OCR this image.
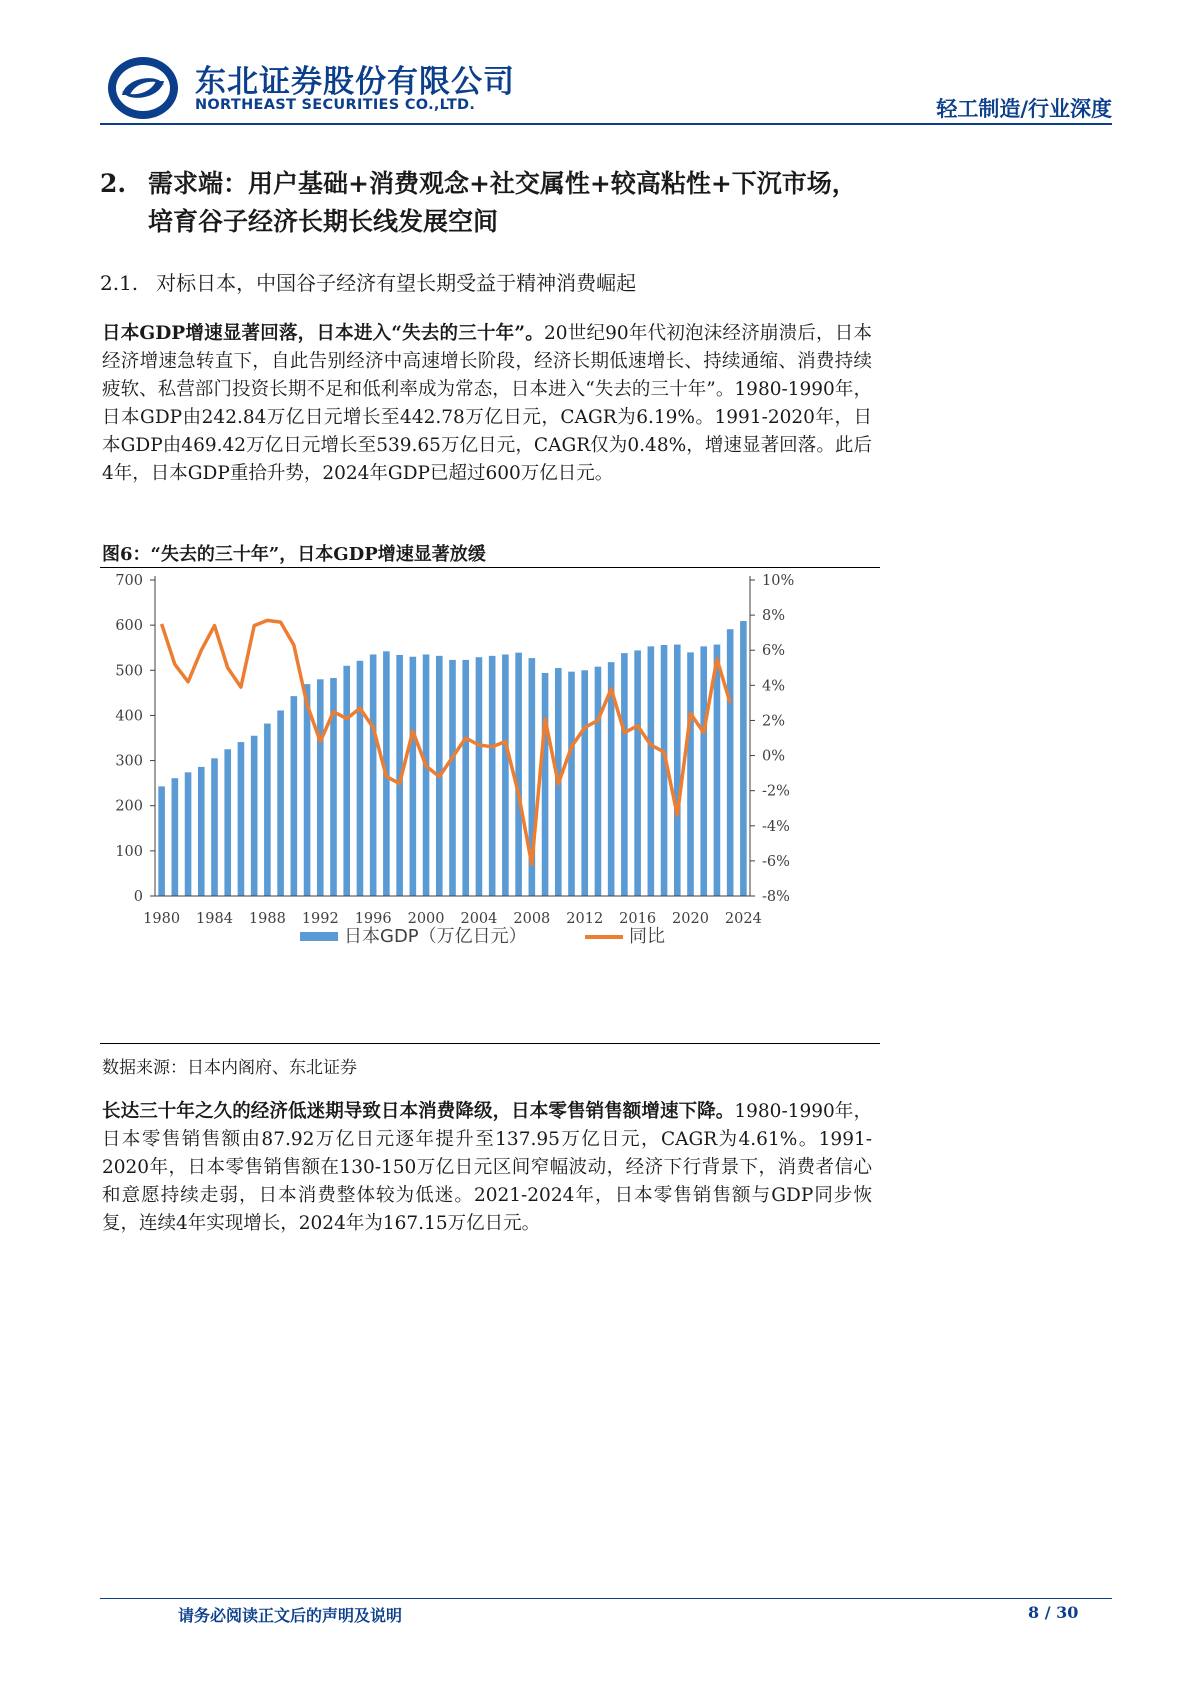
东北证券股份有限公司
NORTHEAST SECURITIES CO.,LTD.	轻工制造/行业深度
2. 需求端：用户基础+消费观念+社交属性+较高粘性+下沉市场，培育谷子经济长期长线发展空间
2.1. 对标日本，中国谷子经济有望长期受益于精神消费崛起
日本GDP增速显著回落，日本进入“失去的三十年”。20世纪90年代初泡沫经济崩溃后，日本经济增速急转直下，自此告别经济中高速增长阶段，经济长期低速增长、持续通缩、消费持续疲软、私营部门投资长期不足和低利率成为常态，日本进入“失去的三十年”。1980-1990年，日本GDP由242.84万亿日元增长至442.78万亿日元，CAGR为6.19%。1991-2020年，日本GDP由469.42万亿日元增长至539.65万亿日元，CAGR仅为0.48%，增速显著回落。此后4年，日本GDP重拾升势，2024年GDP已超过600万亿日元。
图6：“失去的三十年”，日本GDP增速显著放缓
0
100
200
300
400
500
600
700
-8%
-6%
-4%
-2%
0%
2%
4%
6%
8%
10%
1980 1984 1988 1992 1996 2000 2004 2008 2012 2016 2020 2024
日本GDP（万亿日元）	同比
数据来源：日本内阁府、东北证券
长达三十年之久的经济低迷期导致日本消费降级，日本零售销售额增速下降。1980-1990年，日本零售销售额由87.92万亿日元逐年提升至137.95万亿日元，CAGR为4.61%。1991-2020年，日本零售销售额在130-150万亿日元区间窄幅波动，经济下行背景下，消费者信心和意愿持续走弱，日本消费整体较为低迷。2021-2024年，日本零售销售额与GDP同步恢复，连续4年实现增长，2024年为167.15万亿日元。
请务必阅读正文后的声明及说明	8 / 30
